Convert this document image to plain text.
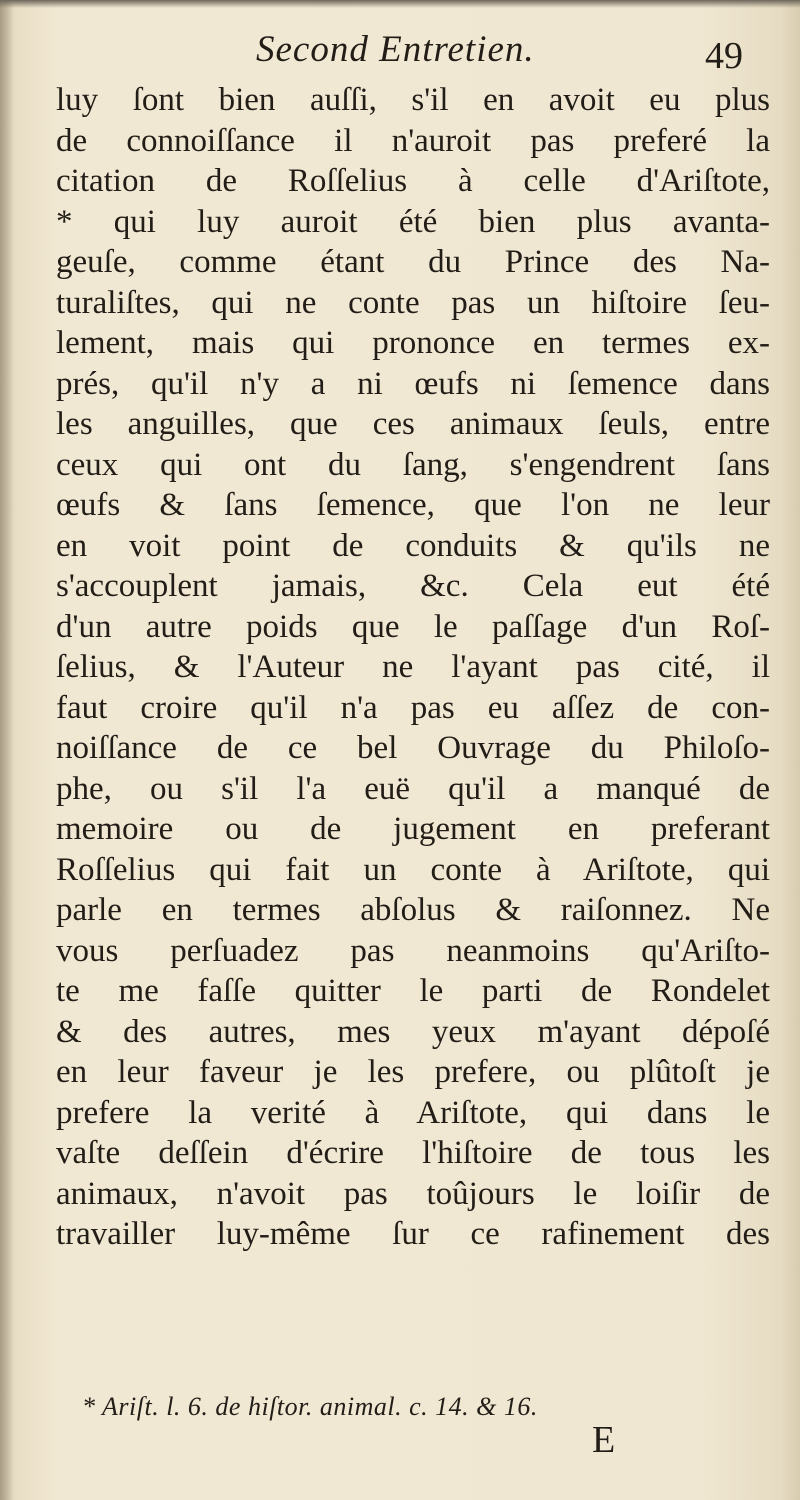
Second Entretien.	49
luy ſont bien auſſi, s'il en avoit eu plus
de connoiſſance il n'auroit pas preferé la
citation de Roſſelius à celle d'Ariſtote,
* qui luy auroit été bien plus avanta-
geuſe, comme étant du Prince des Na-
turaliſtes, qui ne conte pas un hiſtoire ſeu-
lement, mais qui prononce en termes ex-
prés, qu'il n'y a ni œufs ni ſemence dans
les anguilles, que ces animaux ſeuls, entre
ceux qui ont du ſang, s'engendrent ſans
œufs & ſans ſemence, que l'on ne leur
en voit point de conduits & qu'ils ne
s'accouplent jamais, &c. Cela eut été
d'un autre poids que le paſſage d'un Roſ-
ſelius, & l'Auteur ne l'ayant pas cité, il
faut croire qu'il n'a pas eu aſſez de con-
noiſſance de ce bel Ouvrage du Philoſo-
phe, ou s'il l'a euë qu'il a manqué de
memoire ou de jugement en preferant
Roſſelius qui fait un conte à Ariſtote, qui
parle en termes abſolus & raiſonnez. Ne
vous perſuadez pas neanmoins qu'Ariſto-
te me faſſe quitter le parti de Rondelet
& des autres, mes yeux m'ayant dépoſé
en leur faveur je les prefere, ou plûtoſt je
prefere la verité à Ariſtote, qui dans le
vaſte deſſein d'écrire l'hiſtoire de tous les
animaux, n'avoit pas toûjours le loiſir de
travailler luy-même ſur ce rafinement des
* Ariſt. l. 6. de hiſtor. animal. c. 14. & 16.
E
